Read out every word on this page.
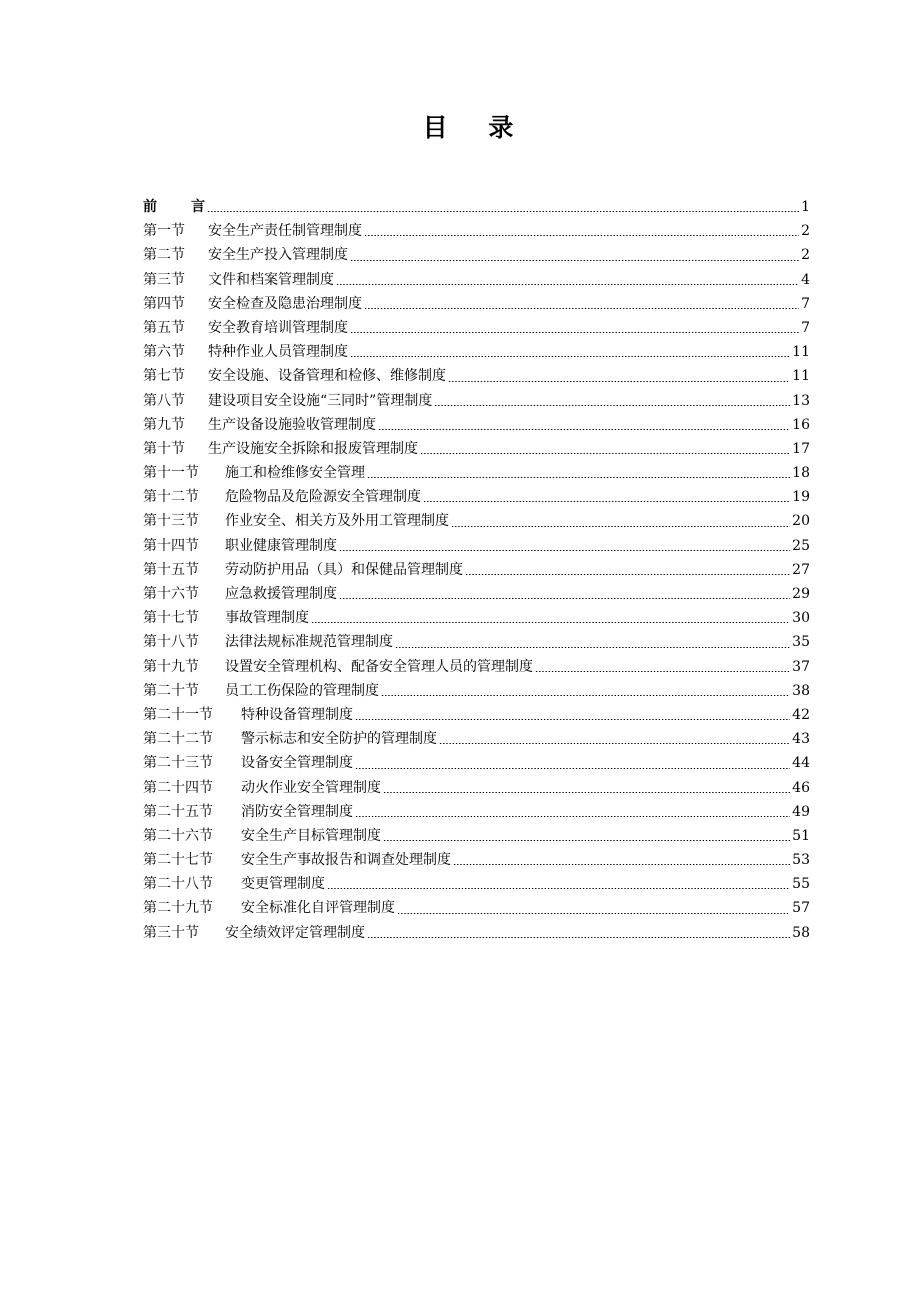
目 录
前 言	1
第一节	安全生产责任制管理制度	2
第二节	安全生产投入管理制度	2
第三节	文件和档案管理制度	4
第四节	安全检查及隐患治理制度	7
第五节	安全教育培训管理制度	7
第六节	特种作业人员管理制度	11
第七节	安全设施、设备管理和检修、维修制度	11
第八节	建设项目安全设施“三同时”管理制度	13
第九节	生产设备设施验收管理制度	16
第十节	生产设施安全拆除和报废管理制度	17
第十一节	施工和检维修安全管理	18
第十二节	危险物品及危险源安全管理制度	19
第十三节	作业安全、相关方及外用工管理制度	20
第十四节	职业健康管理制度	25
第十五节	劳动防护用品（具）和保健品管理制度	27
第十六节	应急救援管理制度	29
第十七节	事故管理制度	30
第十八节	法律法规标准规范管理制度	35
第十九节	设置安全管理机构、配备安全管理人员的管理制度	37
第二十节	员工工伤保险的管理制度	38
第二十一节	特种设备管理制度	42
第二十二节	警示标志和安全防护的管理制度	43
第二十三节	设备安全管理制度	44
第二十四节	动火作业安全管理制度	46
第二十五节	消防安全管理制度	49
第二十六节	安全生产目标管理制度	51
第二十七节	安全生产事故报告和调查处理制度	53
第二十八节	变更管理制度	55
第二十九节	安全标准化自评管理制度	57
第三十节	安全绩效评定管理制度	58
